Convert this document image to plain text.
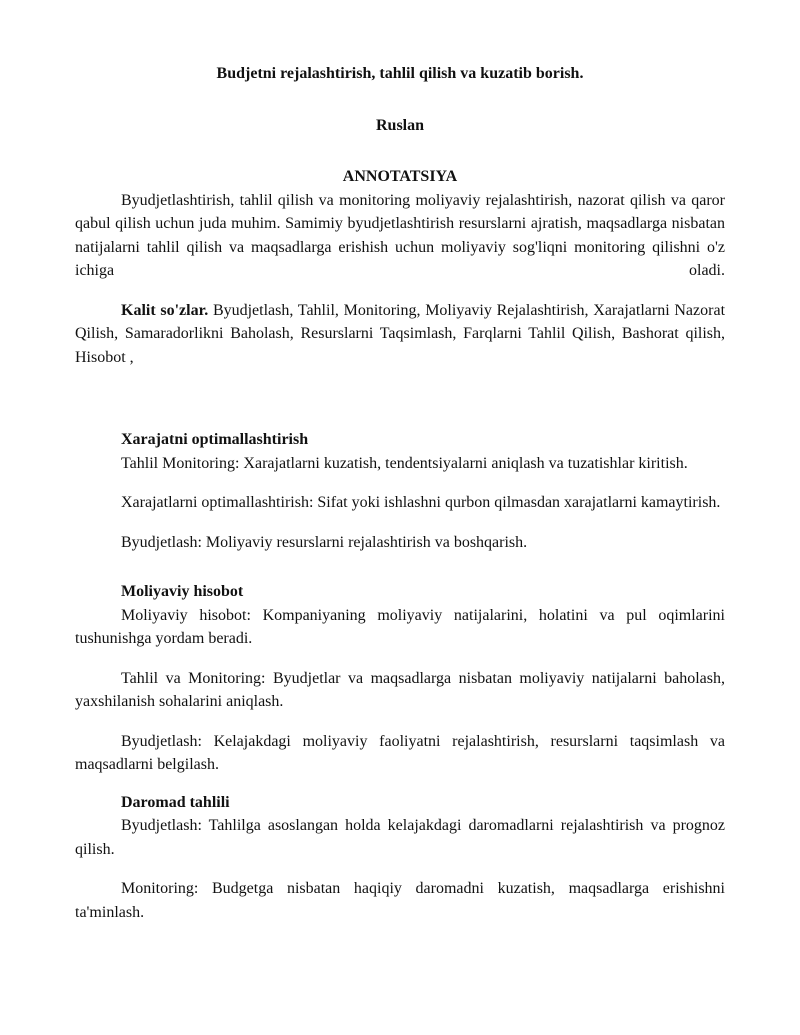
Budjetni rejalashtirish, tahlil qilish va kuzatib borish.

Ruslan

ANNOTATSIYA

Byudjetlashtirish, tahlil qilish va monitoring moliyaviy rejalashtirish, nazorat qilish va qaror qabul qilish uchun juda muhim. Samimiy byudjetlashtirish resurslarni ajratish, maqsadlarga nisbatan natijalarni tahlil qilish va maqsadlarga erishish uchun moliyaviy sog'liqni monitoring qilishni o'z ichiga oladi.

Kalit so'zlar. Byudjetlash, Tahlil, Monitoring, Moliyaviy Rejalashtirish, Xarajatlarni Nazorat Qilish, Samaradorlikni Baholash, Resurslarni Taqsimlash, Farqlarni Tahlil Qilish, Bashorat qilish, Hisobot ,

Xarajatni optimallashtirish

Tahlil Monitoring: Xarajatlarni kuzatish, tendentsiyalarni aniqlash va tuzatishlar kiritish.

Xarajatlarni optimallashtirish: Sifat yoki ishlashni qurbon qilmasdan xarajatlarni kamaytirish.

Byudjetlash: Moliyaviy resurslarni rejalashtirish va boshqarish.

Moliyaviy hisobot

Moliyaviy hisobot: Kompaniyaning moliyaviy natijalarini, holatini va pul oqimlarini tushunishga yordam beradi.

Tahlil va Monitoring: Byudjetlar va maqsadlarga nisbatan moliyaviy natijalarni baholash, yaxshilanish sohalarini aniqlash.

Byudjetlash: Kelajakdagi moliyaviy faoliyatni rejalashtirish, resurslarni taqsimlash va maqsadlarni belgilash.

Daromad tahlili

Byudjetlash: Tahlilga asoslangan holda kelajakdagi daromadlarni rejalashtirish va prognoz qilish.

Monitoring: Budgetga nisbatan haqiqiy daromadni kuzatish, maqsadlarga erishishni ta'minlash.
